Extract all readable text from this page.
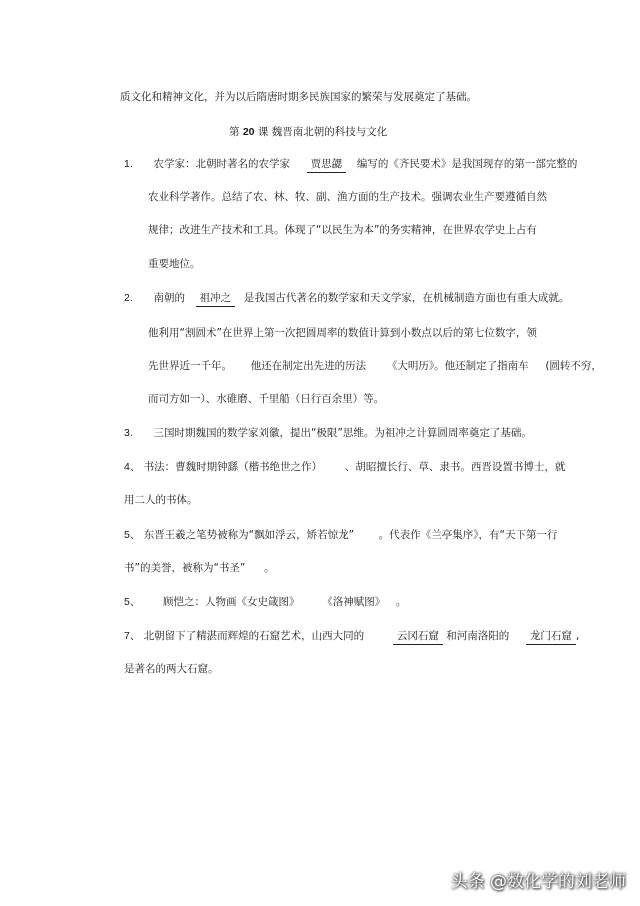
质文化和精神文化，并为以后隋唐时期多民族国家的繁荣与发展奠定了基础。
第 20 课 魏晋南北朝的科技与文化
1. 农学家：北朝时著名的农学家 贾思勰 编写的《齐民要术》是我国现存的第一部完整的
农业科学著作。总结了农、林、牧、副、渔方面的生产技术。强调农业生产要遵循自然
规律；改进生产技术和工具。体现了“以民生为本”的务实精神，在世界农学史上占有
重要地位。
2. 南朝的 祖冲之 是我国古代著名的数学家和天文学家，在机械制造方面也有重大成就。
他利用“割圆术”在世界上第一次把圆周率的数值计算到小数点以后的第七位数字，领
先世界近一千年。 他还在制定出先进的历法 《大明历》。他还制定了指南车 (圆转不穷，
而司方如一）、水碓磨、千里船（日行百余里）等。
3. 三国时期魏国的数学家刘徽，提出“极限”思维。为祖冲之计算圆周率奠定了基础。
4、 书法：曹魏时期钟繇（楷书绝世之作） 、胡昭擅长行、草、隶书。西晋设置书博士，就
用二人的书体。
5、 东晋王羲之笔势被称为“飘如浮云，矫若惊龙” 。代表作《兰亭集序》，有“天下第一行
书”的美誉，被称为“书圣” 。
5、 顾恺之：人物画《女史箴图》 《洛神赋图》 。
7、 北朝留下了精湛而辉煌的石窟艺术，山西大同的	云冈石窟 和河南洛阳的 龙门石窟 ,
是著名的两大石窟。
头条 @数化学的刘老师
